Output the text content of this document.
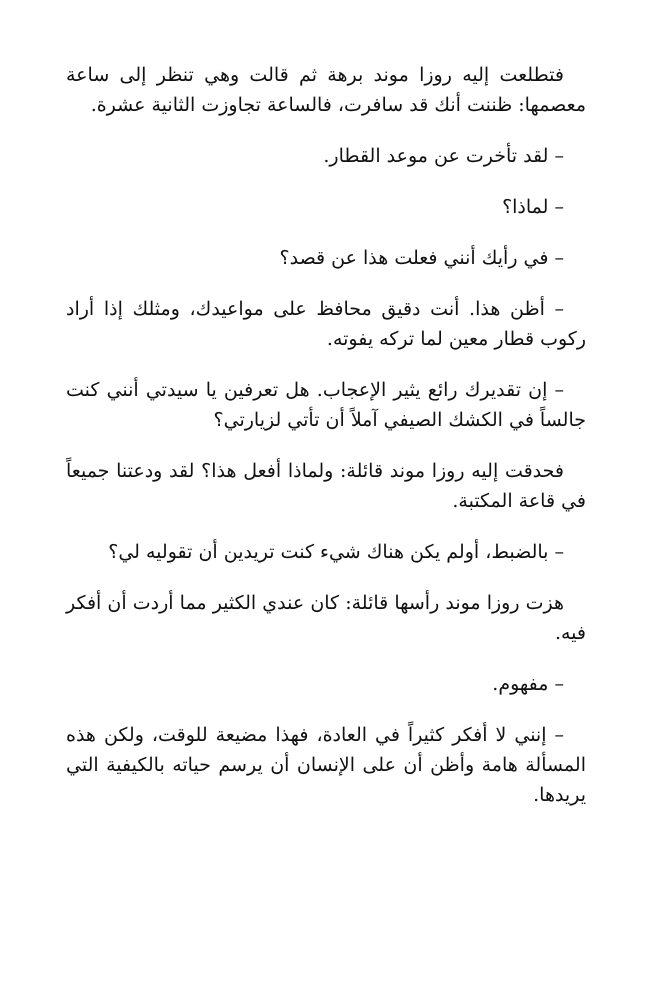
فتطلعت إليه روزا موند برهة ثم قالت وهي تنظر إلى ساعة معصمها: ظننت أنك قد سافرت، فالساعة تجاوزت الثانية عشرة.

– لقد تأخرت عن موعد القطار.

– لماذا؟

– في رأيك أنني فعلت هذا عن قصد؟

– أظن هذا. أنت دقيق محافظ على مواعيدك، ومثلك إذا أراد ركوب قطار معين لما تركه يفوته.

– إن تقديرك رائع يثير الإعجاب. هل تعرفين يا سيدتي أنني كنت جالساً في الكشك الصيفي آملاً أن تأتي لزيارتي؟

فحدقت إليه روزا موند قائلة: ولماذا أفعل هذا؟ لقد ودعتنا جميعاً في قاعة المكتبة.

– بالضبط، أولم يكن هناك شيء كنت تريدين أن تقوليه لي؟

هزت روزا موند رأسها قائلة: كان عندي الكثير مما أردت أن أفكر فيه.

– مفهوم.

– إنني لا أفكر كثيراً في العادة، فهذا مضيعة للوقت، ولكن هذه المسألة هامة وأظن أن على الإنسان أن يرسم حياته بالكيفية التي يريدها.
